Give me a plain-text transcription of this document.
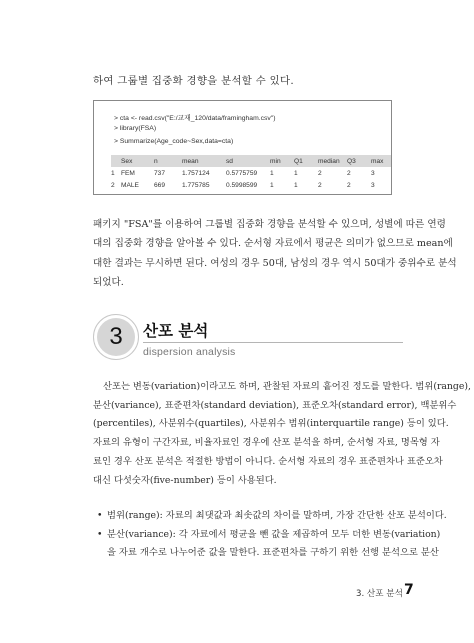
하여 그룹별 집중화 경향을 분석할 수 있다.
> cta <- read.csv("E:/교재_120/data/framingham.csv")
> library(FSA)
> Summarize(Age_code~Sex,data=cta)
	Sex	n	mean	sd	min	Q1	median	Q3	max
1	FEM	737	1.757124	0.5775759	1	1	2	2	3
2	MALE	669	1.775785	0.5998599	1	1	2	2	3
패키지 "FSA"를 이용하여 그룹별 집중화 경향을 분석할 수 있으며, 성별에 따른 연령
대의 집중화 경향을 알아볼 수 있다. 순서형 자료에서 평균은 의미가 없으므로 mean에
대한 결과는 무시하면 된다. 여성의 경우 50대, 남성의 경우 역시 50대가 중위수로 분석
되었다.
3	산포 분석
dispersion analysis
산포는 변동(variation)이라고도 하며, 관찰된 자료의 흩어진 정도를 말한다. 범위(range),
분산(variance), 표준편차(standard deviation), 표준오차(standard error), 백분위수
(percentiles), 사분위수(quartiles), 사분위수 범위(interquartile range) 등이 있다.
자료의 유형이 구간자료, 비율자료인 경우에 산포 분석을 하며, 순서형 자료, 명목형 자
료인 경우 산포 분석은 적절한 방법이 아니다. 순서형 자료의 경우 표준편차나 표준오차
대신 다섯숫자(five-number) 등이 사용된다.
• 범위(range): 자료의 최댓값과 최솟값의 차이를 말하며, 가장 간단한 산포 분석이다.
• 분산(variance): 각 자료에서 평균을 뺀 값을 제곱하여 모두 더한 변동(variation)
을 자료 개수로 나누어준 값을 말한다. 표준편차를 구하기 위한 선행 분석으로 분산
3. 산포 분석 7
